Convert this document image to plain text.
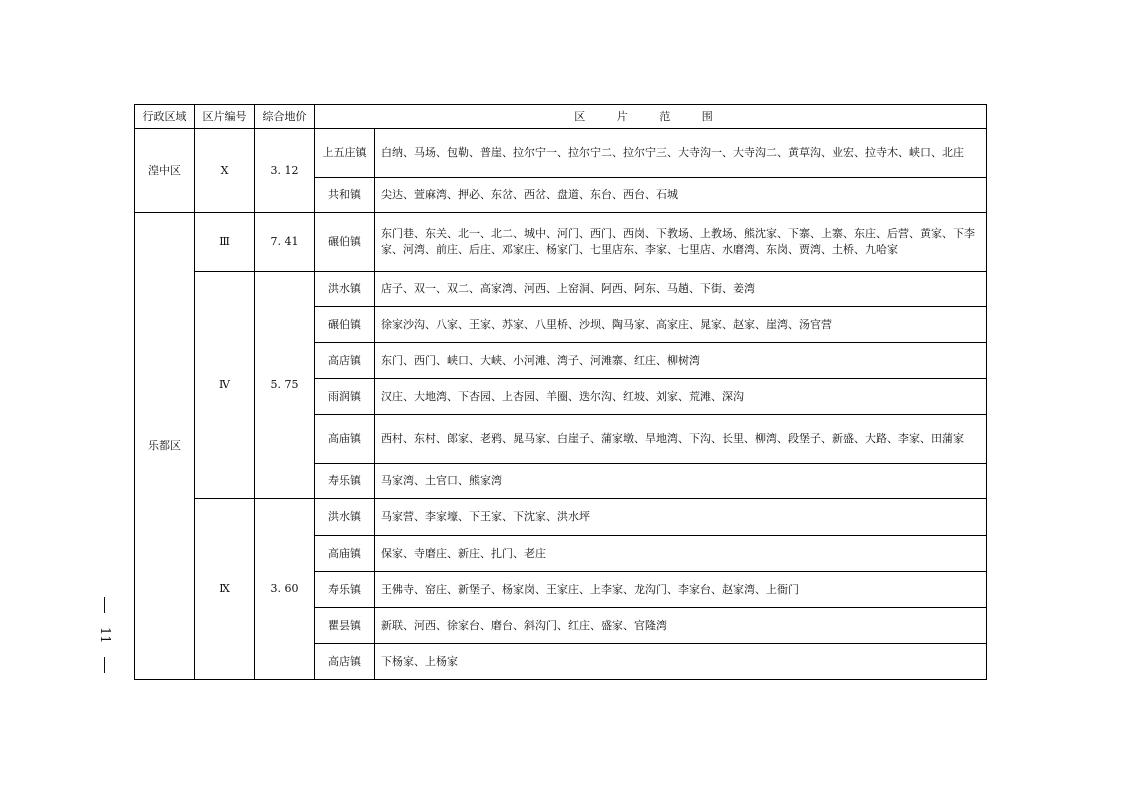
行政区域	区片编号	综合地价	区 片 范 围	
湟中区	Ⅹ	3. 12	上五庄镇	白纳、马场、包勒、普崖、拉尔宁一、拉尔宁二、拉尔宁三、大寺沟一、大寺沟二、黄草沟、业宏、拉寺木、峡口、北庄
			共和镇	尖达、萱麻湾、押必、东岔、西岔、盘道、东台、西台、石城
乐都区	Ⅲ	7. 41	碾伯镇	东门巷、东关、北一、北二、城中、河门、西门、西岗、下教场、上教场、熊沈家、下寨、上寨、东庄、后营、黄家、下李家、河湾、前庄、后庄、邓家庄、杨家门、七里店东、李家、七里店、水磨湾、东岗、贾湾、土桥、九哈家
	Ⅳ	5. 75	洪水镇	店子、双一、双二、高家湾、河西、上窑洞、阿西、阿东、马趟、下街、姜湾
			碾伯镇	徐家沙沟、八家、王家、苏家、八里桥、沙坝、陶马家、高家庄、晁家、赵家、崖湾、汤官营
			高店镇	东门、西门、峡口、大峡、小河滩、湾子、河滩寨、红庄、柳树湾
			雨润镇	汉庄、大地湾、下杏园、上杏园、羊圈、迭尔沟、红坡、刘家、荒滩、深沟
			高庙镇	西村、东村、郎家、老鸦、晁马家、白崖子、蒲家墩、旱地湾、下沟、长里、柳湾、段堡子、新盛、大路、李家、田蒲家
			寿乐镇	马家湾、土官口、熊家湾
	Ⅸ	3. 60	洪水镇	马家营、李家壕、下王家、下沈家、洪水坪
			高庙镇	保家、寺磨庄、新庄、扎门、老庄
			寿乐镇	王佛寺、窑庄、新堡子、杨家岗、王家庄、上李家、龙沟门、李家台、赵家湾、上衙门
			瞿昙镇	新联、河西、徐家台、磨台、斜沟门、红庄、盛家、官隆湾
			高店镇	下杨家、上杨家
11
